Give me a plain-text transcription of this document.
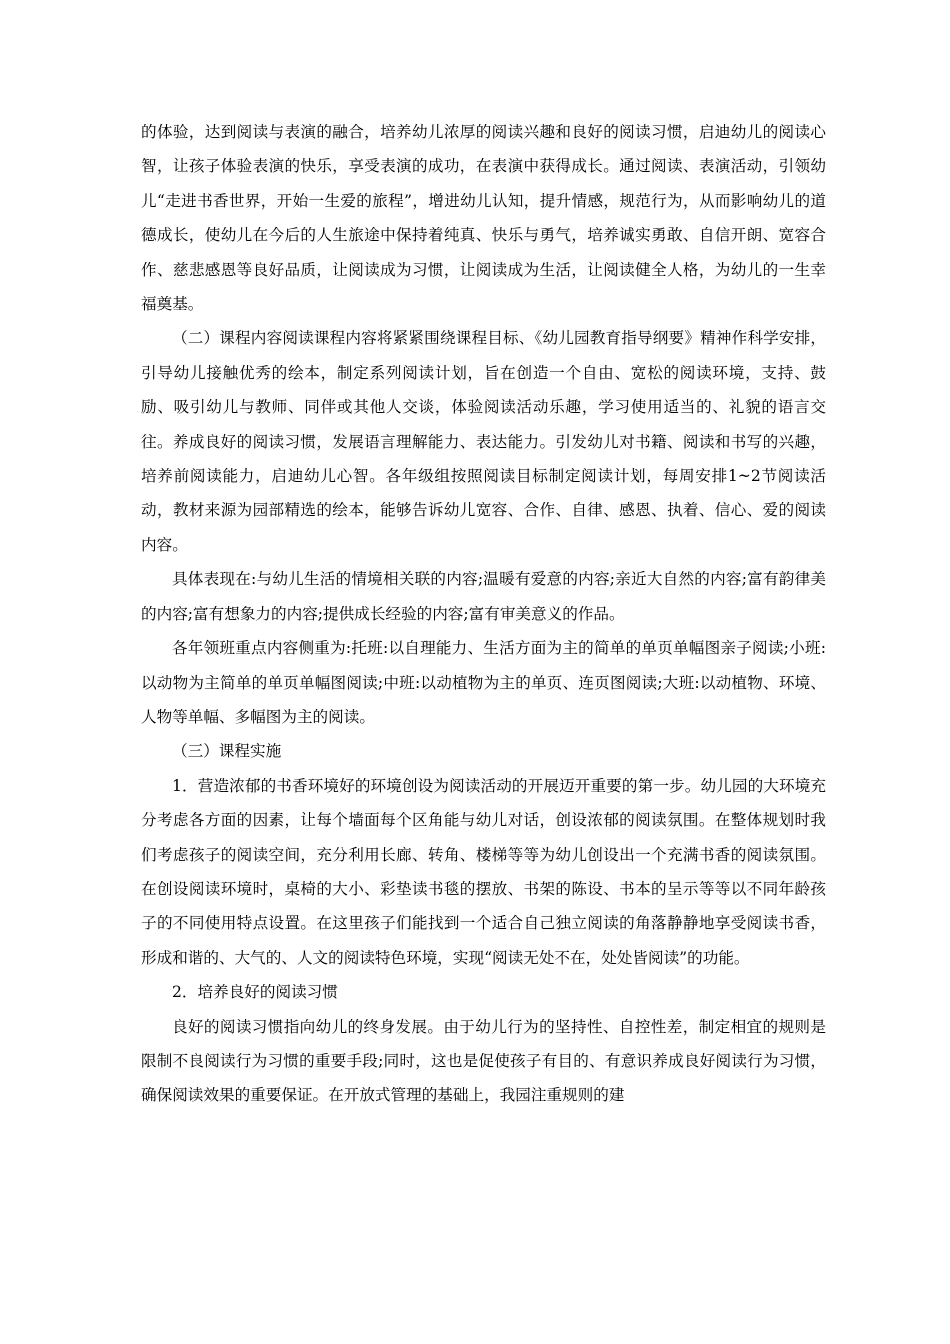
的体验，达到阅读与表演的融合，培养幼儿浓厚的阅读兴趣和良好的阅读习惯，启迪幼儿的阅读心智，让孩子体验表演的快乐，享受表演的成功，在表演中获得成长。通过阅读、表演活动，引领幼儿“走进书香世界，开始一生爱的旅程”，增进幼儿认知，提升情感，规范行为，从而影响幼儿的道德成长，使幼儿在今后的人生旅途中保持着纯真、快乐与勇气，培养诚实勇敢、自信开朗、宽容合作、慈悲感恩等良好品质，让阅读成为习惯，让阅读成为生活，让阅读健全人格，为幼儿的一生幸福奠基。

（二）课程内容阅读课程内容将紧紧围绕课程目标、《幼儿园教育指导纲要》精神作科学安排，引导幼儿接触优秀的绘本，制定系列阅读计划，旨在创造一个自由、宽松的阅读环境，支持、鼓励、吸引幼儿与教师、同伴或其他人交谈，体验阅读活动乐趣，学习使用适当的、礼貌的语言交往。养成良好的阅读习惯，发展语言理解能力、表达能力。引发幼儿对书籍、阅读和书写的兴趣，培养前阅读能力，启迪幼儿心智。各年级组按照阅读目标制定阅读计划，每周安排1~2节阅读活动，教材来源为园部精选的绘本，能够告诉幼儿宽容、合作、自律、感恩、执着、信心、爱的阅读内容。

具体表现在:与幼儿生活的情境相关联的内容;温暖有爱意的内容;亲近大自然的内容;富有韵律美的内容;富有想象力的内容;提供成长经验的内容;富有审美意义的作品。

各年领班重点内容侧重为:托班:以自理能力、生活方面为主的简单的单页单幅图亲子阅读;小班:以动物为主简单的单页单幅图阅读;中班:以动植物为主的单页、连页图阅读;大班:以动植物、环境、人物等单幅、多幅图为主的阅读。

（三）课程实施

1．营造浓郁的书香环境好的环境创设为阅读活动的开展迈开重要的第一步。幼儿园的大环境充分考虑各方面的因素，让每个墙面每个区角能与幼儿对话，创设浓郁的阅读氛围。在整体规划时我们考虑孩子的阅读空间，充分利用长廊、转角、楼梯等等为幼儿创设出一个充满书香的阅读氛围。在创设阅读环境时，桌椅的大小、彩垫读书毯的摆放、书架的陈设、书本的呈示等等以不同年龄孩子的不同使用特点设置。在这里孩子们能找到一个适合自己独立阅读的角落静静地享受阅读书香，形成和谐的、大气的、人文的阅读特色环境，实现“阅读无处不在，处处皆阅读”的功能。

2．培养良好的阅读习惯

良好的阅读习惯指向幼儿的终身发展。由于幼儿行为的坚持性、自控性差，制定相宜的规则是限制不良阅读行为习惯的重要手段;同时，这也是促使孩子有目的、有意识养成良好阅读行为习惯，确保阅读效果的重要保证。在开放式管理的基础上，我园注重规则的建
